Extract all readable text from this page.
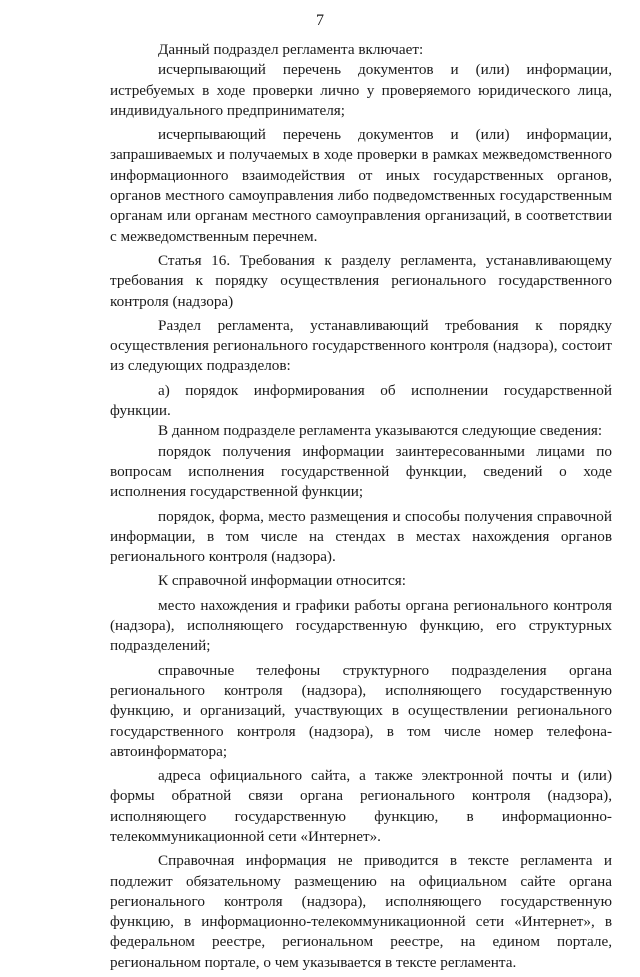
7

Данный подраздел регламента включает:

исчерпывающий перечень документов и (или) информации, истребуемых в ходе проверки лично у проверяемого юридического лица, индивидуального предпринимателя;

исчерпывающий перечень документов и (или) информации, запрашиваемых и получаемых в ходе проверки в рамках межведомственного информационного взаимодействия от иных государственных органов, органов местного самоуправления либо подведомственных государственным органам или органам местного самоуправления организаций, в соответствии с межведомственным перечнем.

Статья 16. Требования к разделу регламента, устанавливающему требования к порядку осуществления регионального государственного контроля (надзора)

Раздел регламента, устанавливающий требования к порядку осуществления регионального государственного контроля (надзора), состоит из следующих подразделов:

а) порядок информирования об исполнении государственной функции.

В данном подразделе регламента указываются следующие сведения:

порядок получения информации заинтересованными лицами по вопросам исполнения государственной функции, сведений о ходе исполнения государственной функции;

порядок, форма, место размещения и способы получения справочной информации, в том числе на стендах в местах нахождения органов регионального контроля (надзора).

К справочной информации относится:

место нахождения и графики работы органа регионального контроля (надзора), исполняющего государственную функцию, его структурных подразделений;

справочные телефоны структурного подразделения органа регионального контроля (надзора), исполняющего государственную функцию, и организаций, участвующих в осуществлении регионального государственного контроля (надзора), в том числе номер телефона-автоинформатора;

адреса официального сайта, а также электронной почты и (или) формы обратной связи органа регионального контроля (надзора), исполняющего государственную функцию, в информационно-телекоммуникационной сети «Интернет».

Справочная информация не приводится в тексте регламента и подлежит обязательному размещению на официальном сайте органа регионального контроля (надзора), исполняющего государственную функцию, в информационно-телекоммуникационной сети «Интернет», в федеральном реестре, региональном реестре, на едином портале, региональном портале, о чем указывается в тексте регламента.
